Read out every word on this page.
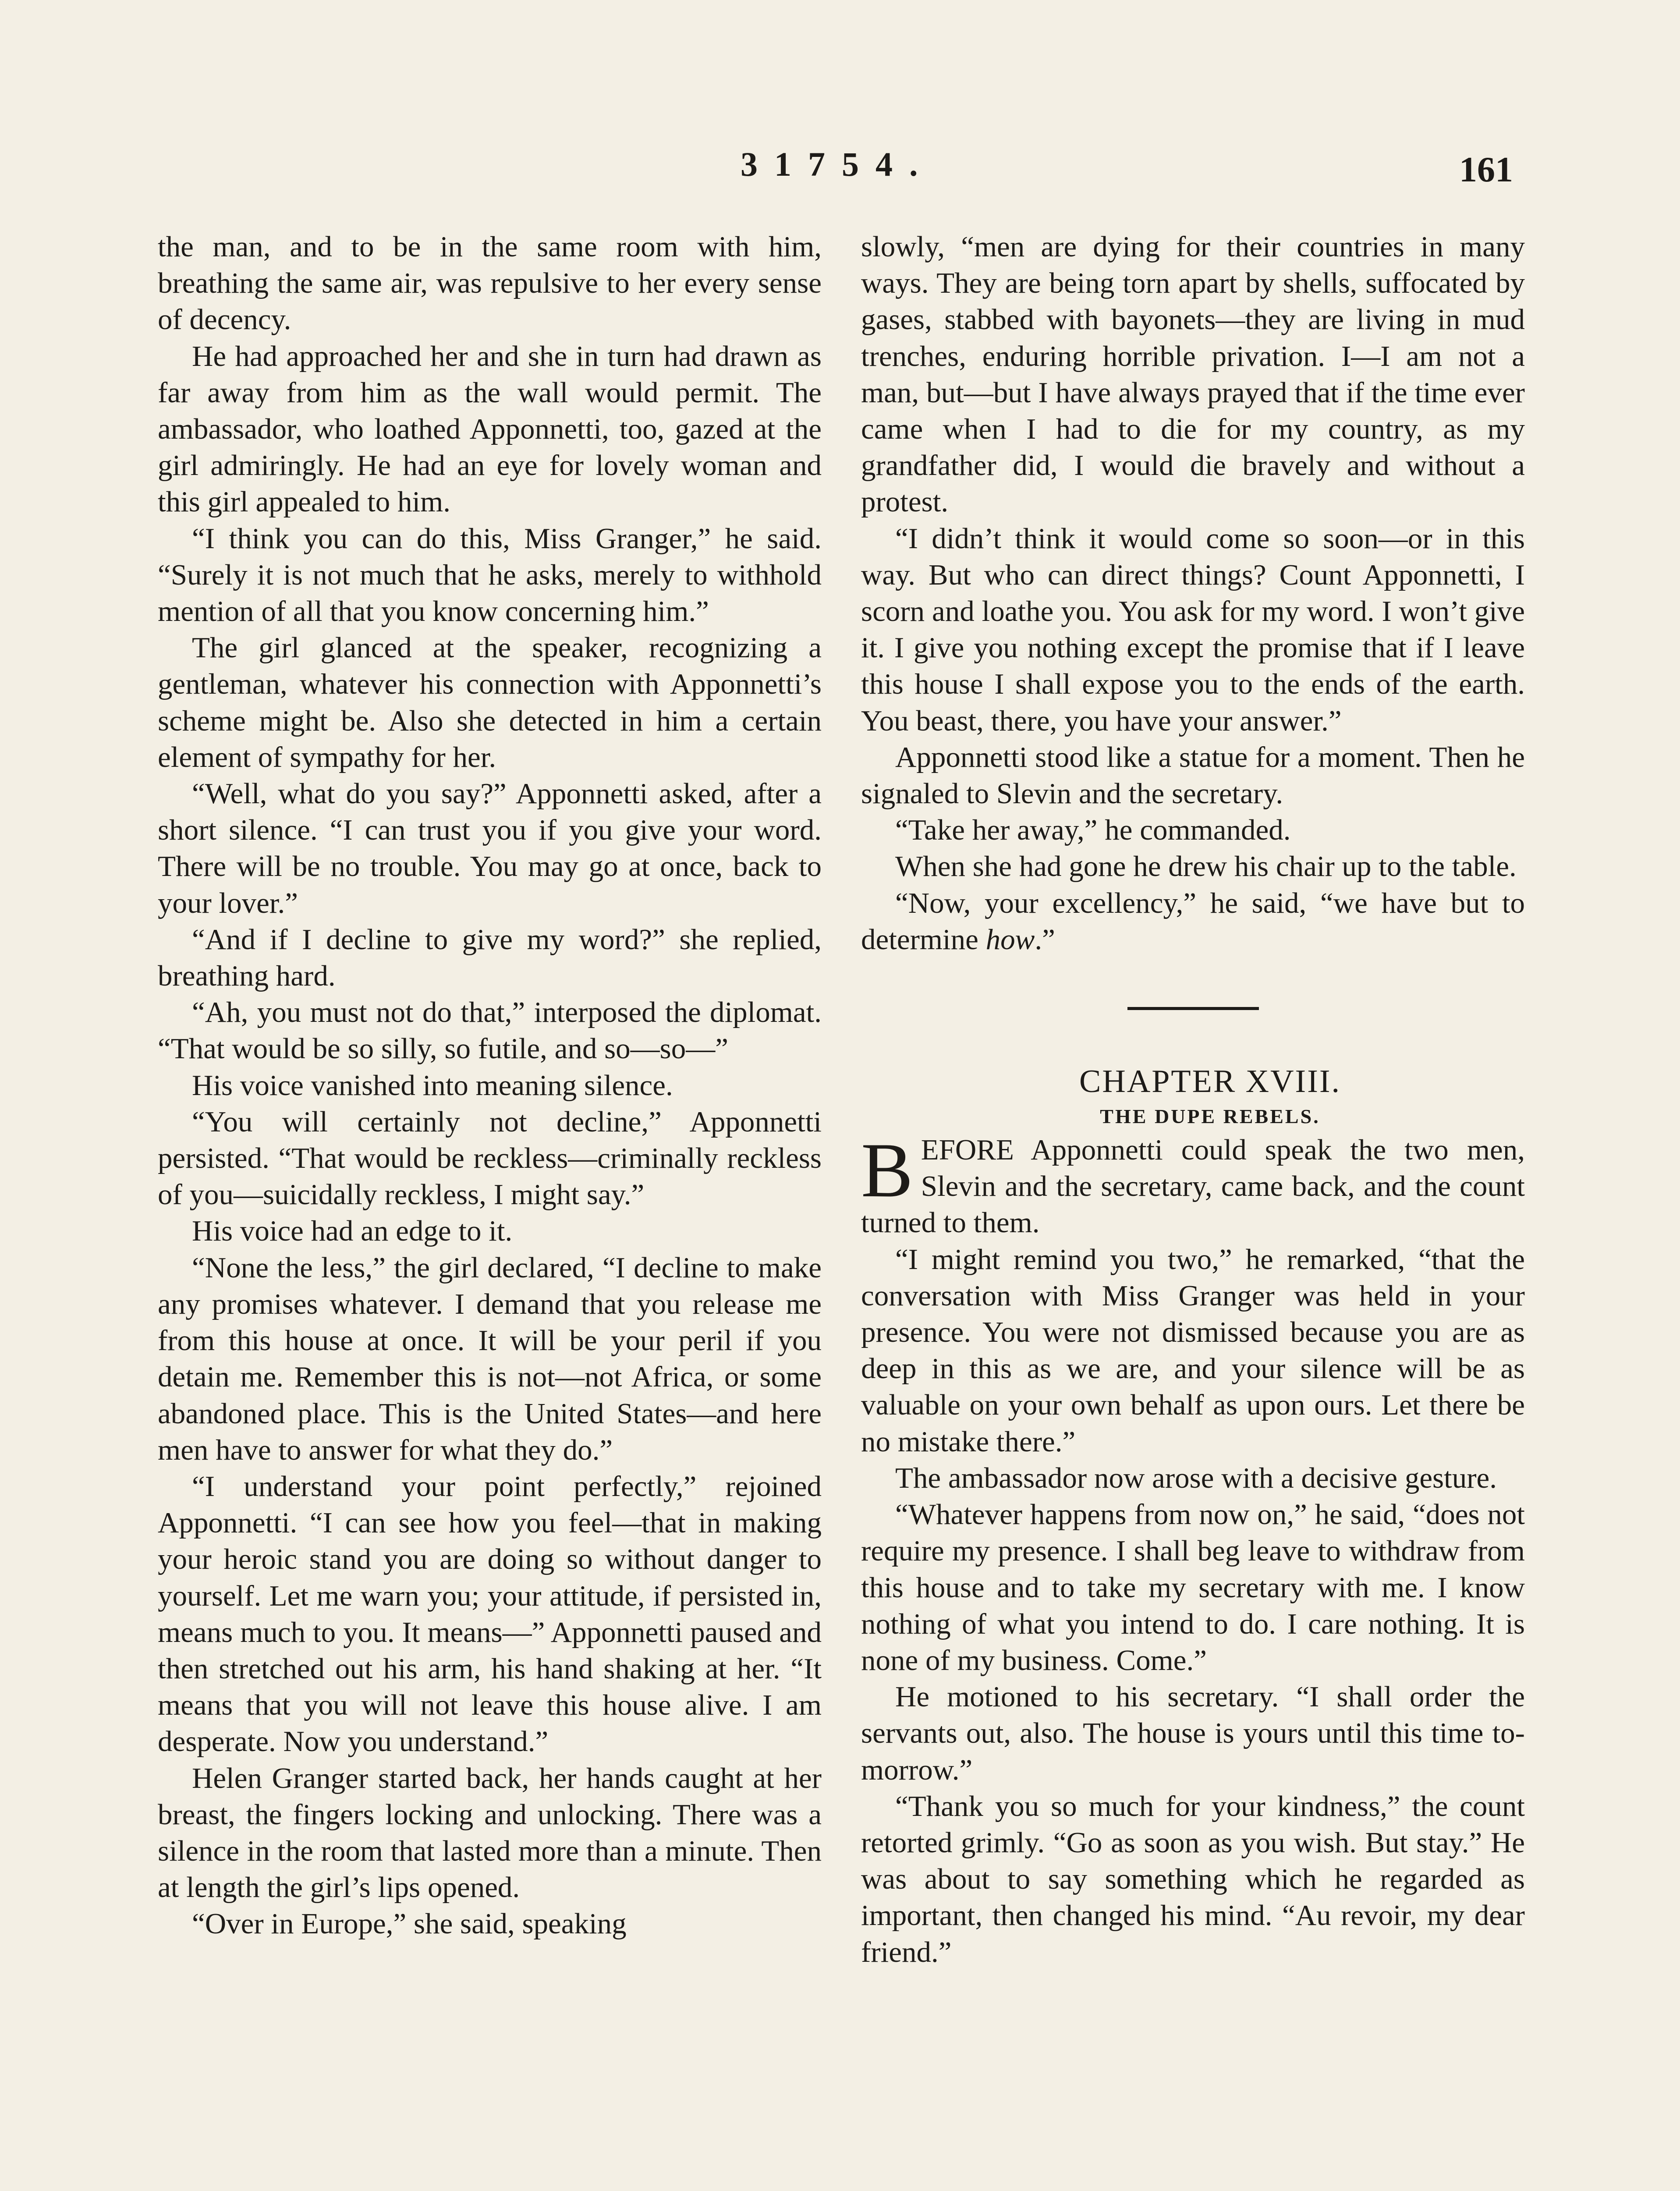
31754.	161

the man, and to be in the same room with him, breathing the same air, was repulsive to her every sense of decency.

He had approached her and she in turn had drawn as far away from him as the wall would permit. The ambassador, who loathed Apponnetti, too, gazed at the girl admiringly. He had an eye for lovely woman and this girl appealed to him.

“I think you can do this, Miss Granger,” he said. “Surely it is not much that he asks, merely to withhold mention of all that you know concerning him.”

The girl glanced at the speaker, recognizing a gentleman, whatever his connection with Apponnetti’s scheme might be. Also she detected in him a certain element of sympathy for her.

“Well, what do you say?” Apponnetti asked, after a short silence. “I can trust you if you give your word. There will be no trouble. You may go at once, back to your lover.”

“And if I decline to give my word?” she replied, breathing hard.

“Ah, you must not do that,” interposed the diplomat. “That would be so silly, so futile, and so—so—”

His voice vanished into meaning silence.

“You will certainly not decline,” Apponnetti persisted. “That would be reckless—criminally reckless of you—suicidally reckless, I might say.”

His voice had an edge to it.

“None the less,” the girl declared, “I decline to make any promises whatever. I demand that you release me from this house at once. It will be your peril if you detain me. Remember this is not—not Africa, or some abandoned place. This is the United States—and here men have to answer for what they do.”

“I understand your point perfectly,” rejoined Apponnetti. “I can see how you feel—that in making your heroic stand you are doing so without danger to yourself. Let me warn you; your attitude, if persisted in, means much to you. It means—” Apponnetti paused and then stretched out his arm, his hand shaking at her. “It means that you will not leave this house alive. I am desperate. Now you understand.”

Helen Granger started back, her hands caught at her breast, the fingers locking and unlocking. There was a silence in the room that lasted more than a minute. Then at length the girl’s lips opened.

“Over in Europe,” she said, speaking

slowly, “men are dying for their countries in many ways. They are being torn apart by shells, suffocated by gases, stabbed with bayonets—they are living in mud trenches, enduring horrible privation. I—I am not a man, but—but I have always prayed that if the time ever came when I had to die for my country, as my grandfather did, I would die bravely and without a protest.

“I didn’t think it would come so soon—or in this way. But who can direct things? Count Apponnetti, I scorn and loathe you. You ask for my word. I won’t give it. I give you nothing except the promise that if I leave this house I shall expose you to the ends of the earth. You beast, there, you have your answer.”

Apponnetti stood like a statue for a moment. Then he signaled to Slevin and the secretary.

“Take her away,” he commanded.

When she had gone he drew his chair up to the table.

“Now, your excellency,” he said, “we have but to determine how.”

CHAPTER XVIII.

THE DUPE REBELS.

BEFORE Apponnetti could speak the two men, Slevin and the secretary, came back, and the count turned to them.

“I might remind you two,” he remarked, “that the conversation with Miss Granger was held in your presence. You were not dismissed because you are as deep in this as we are, and your silence will be as valuable on your own behalf as upon ours. Let there be no mistake there.”

The ambassador now arose with a decisive gesture.

“Whatever happens from now on,” he said, “does not require my presence. I shall beg leave to withdraw from this house and to take my secretary with me. I know nothing of what you intend to do. I care nothing. It is none of my business. Come.”

He motioned to his secretary. “I shall order the servants out, also. The house is yours until this time to-morrow.”

“Thank you so much for your kindness,” the count retorted grimly. “Go as soon as you wish. But stay.” He was about to say something which he regarded as important, then changed his mind. “Au revoir, my dear friend.”
